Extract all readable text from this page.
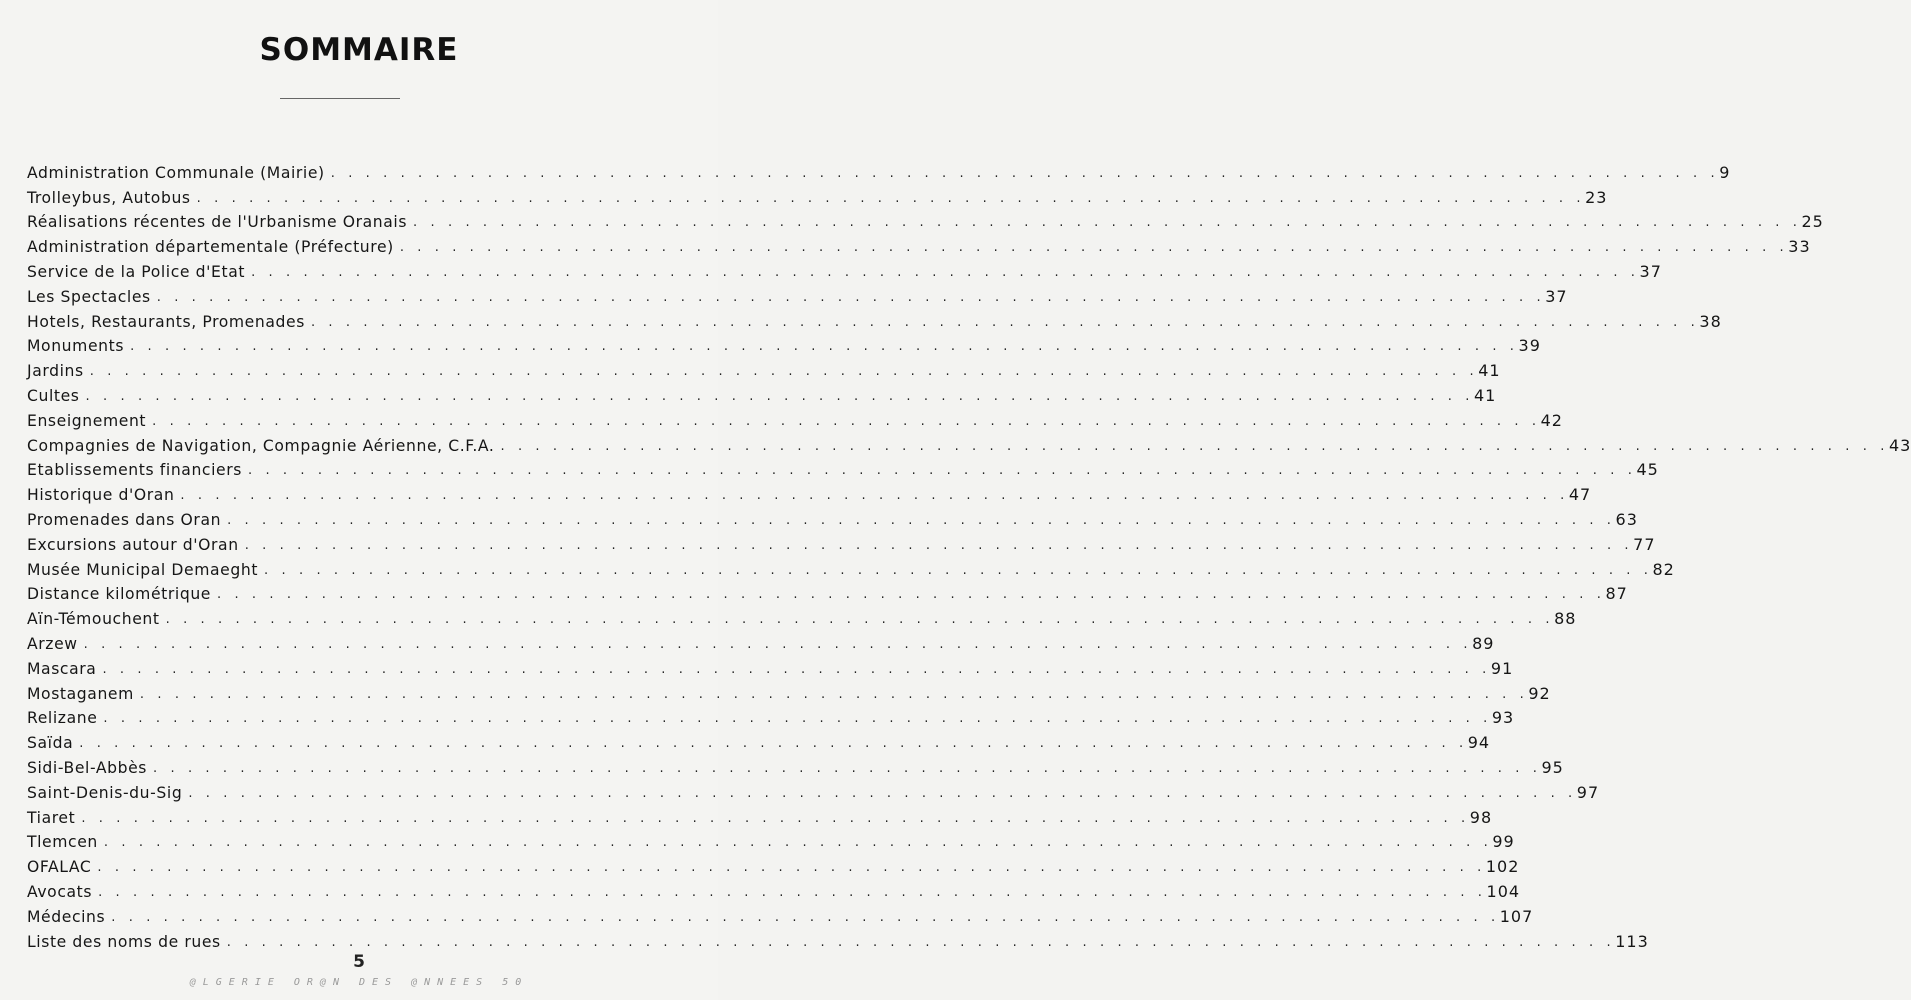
SOMMAIRE
Administration Communale (Mairie) . . . . . . . . . . . . . . . . . . . . . . . . . . . . . . . . . . . . . . . . . . . . . . . . . . . . . . . . . . . . . . . . . . . . . . . . . . . . . . . . 9
Trolleybus, Autobus . . . . . . . . . . . . . . . . . . . . . . . . . . . . . . . . . . . . . . . . . . . . . . . . . . . . . . . . . . . . . . . . . . . . . . . . . . . . . . . . 23
Réalisations récentes de l'Urbanisme Oranais . . . . . . . . . . . . . . . . . . . . . . . . . . . . . . . . . . . . . . . . . . . . . . . . . . . . . . . . . . . . . . . . . . . . . . . . . . . . . . . . 25
Administration départementale (Préfecture) . . . . . . . . . . . . . . . . . . . . . . . . . . . . . . . . . . . . . . . . . . . . . . . . . . . . . . . . . . . . . . . . . . . . . . . . . . . . . . . . 33
Service de la Police d'Etat . . . . . . . . . . . . . . . . . . . . . . . . . . . . . . . . . . . . . . . . . . . . . . . . . . . . . . . . . . . . . . . . . . . . . . . . . . . . . . . . 37
Les Spectacles . . . . . . . . . . . . . . . . . . . . . . . . . . . . . . . . . . . . . . . . . . . . . . . . . . . . . . . . . . . . . . . . . . . . . . . . . . . . . . . . 37
Hotels, Restaurants, Promenades . . . . . . . . . . . . . . . . . . . . . . . . . . . . . . . . . . . . . . . . . . . . . . . . . . . . . . . . . . . . . . . . . . . . . . . . . . . . . . . . 38
Monuments . . . . . . . . . . . . . . . . . . . . . . . . . . . . . . . . . . . . . . . . . . . . . . . . . . . . . . . . . . . . . . . . . . . . . . . . . . . . . . . . 39
Jardins . . . . . . . . . . . . . . . . . . . . . . . . . . . . . . . . . . . . . . . . . . . . . . . . . . . . . . . . . . . . . . . . . . . . . . . . . . . . . . . . 41
Cultes . . . . . . . . . . . . . . . . . . . . . . . . . . . . . . . . . . . . . . . . . . . . . . . . . . . . . . . . . . . . . . . . . . . . . . . . . . . . . . . . 41
Enseignement . . . . . . . . . . . . . . . . . . . . . . . . . . . . . . . . . . . . . . . . . . . . . . . . . . . . . . . . . . . . . . . . . . . . . . . . . . . . . . . . 42
Compagnies de Navigation, Compagnie Aérienne, C.F.A. . . . . . . . . . . . . . . . . . . . . . . . . . . . . . . . . . . . . . . . . . . . . . . . . . . . . . . . . . . . . . . . . . . . . . . . . . . . . . . . . 43
Etablissements financiers . . . . . . . . . . . . . . . . . . . . . . . . . . . . . . . . . . . . . . . . . . . . . . . . . . . . . . . . . . . . . . . . . . . . . . . . . . . . . . . . 45
Historique d'Oran . . . . . . . . . . . . . . . . . . . . . . . . . . . . . . . . . . . . . . . . . . . . . . . . . . . . . . . . . . . . . . . . . . . . . . . . . . . . . . . . 47
Promenades dans Oran . . . . . . . . . . . . . . . . . . . . . . . . . . . . . . . . . . . . . . . . . . . . . . . . . . . . . . . . . . . . . . . . . . . . . . . . . . . . . . . . 63
Excursions autour d'Oran . . . . . . . . . . . . . . . . . . . . . . . . . . . . . . . . . . . . . . . . . . . . . . . . . . . . . . . . . . . . . . . . . . . . . . . . . . . . . . . . 77
Musée Municipal Demaeght . . . . . . . . . . . . . . . . . . . . . . . . . . . . . . . . . . . . . . . . . . . . . . . . . . . . . . . . . . . . . . . . . . . . . . . . . . . . . . . . 82
Distance kilométrique . . . . . . . . . . . . . . . . . . . . . . . . . . . . . . . . . . . . . . . . . . . . . . . . . . . . . . . . . . . . . . . . . . . . . . . . . . . . . . . . 87
Aïn-Témouchent . . . . . . . . . . . . . . . . . . . . . . . . . . . . . . . . . . . . . . . . . . . . . . . . . . . . . . . . . . . . . . . . . . . . . . . . . . . . . . . . 88
Arzew . . . . . . . . . . . . . . . . . . . . . . . . . . . . . . . . . . . . . . . . . . . . . . . . . . . . . . . . . . . . . . . . . . . . . . . . . . . . . . . . 89
Mascara . . . . . . . . . . . . . . . . . . . . . . . . . . . . . . . . . . . . . . . . . . . . . . . . . . . . . . . . . . . . . . . . . . . . . . . . . . . . . . . . 91
Mostaganem . . . . . . . . . . . . . . . . . . . . . . . . . . . . . . . . . . . . . . . . . . . . . . . . . . . . . . . . . . . . . . . . . . . . . . . . . . . . . . . . 92
Relizane . . . . . . . . . . . . . . . . . . . . . . . . . . . . . . . . . . . . . . . . . . . . . . . . . . . . . . . . . . . . . . . . . . . . . . . . . . . . . . . . 93
Saïda . . . . . . . . . . . . . . . . . . . . . . . . . . . . . . . . . . . . . . . . . . . . . . . . . . . . . . . . . . . . . . . . . . . . . . . . . . . . . . . . 94
Sidi-Bel-Abbès . . . . . . . . . . . . . . . . . . . . . . . . . . . . . . . . . . . . . . . . . . . . . . . . . . . . . . . . . . . . . . . . . . . . . . . . . . . . . . . . 95
Saint-Denis-du-Sig . . . . . . . . . . . . . . . . . . . . . . . . . . . . . . . . . . . . . . . . . . . . . . . . . . . . . . . . . . . . . . . . . . . . . . . . . . . . . . . . 97
Tiaret . . . . . . . . . . . . . . . . . . . . . . . . . . . . . . . . . . . . . . . . . . . . . . . . . . . . . . . . . . . . . . . . . . . . . . . . . . . . . . . . 98
Tlemcen . . . . . . . . . . . . . . . . . . . . . . . . . . . . . . . . . . . . . . . . . . . . . . . . . . . . . . . . . . . . . . . . . . . . . . . . . . . . . . . . 99
OFALAC . . . . . . . . . . . . . . . . . . . . . . . . . . . . . . . . . . . . . . . . . . . . . . . . . . . . . . . . . . . . . . . . . . . . . . . . . . . . . . . . 102
Avocats . . . . . . . . . . . . . . . . . . . . . . . . . . . . . . . . . . . . . . . . . . . . . . . . . . . . . . . . . . . . . . . . . . . . . . . . . . . . . . . . 104
Médecins . . . . . . . . . . . . . . . . . . . . . . . . . . . . . . . . . . . . . . . . . . . . . . . . . . . . . . . . . . . . . . . . . . . . . . . . . . . . . . . . 107
Liste des noms de rues . . . . . . . . . . . . . . . . . . . . . . . . . . . . . . . . . . . . . . . . . . . . . . . . . . . . . . . . . . . . . . . . . . . . . . . . . . . . . . . . 113
5
@LGERIE OR@N DES @NNEES 50
